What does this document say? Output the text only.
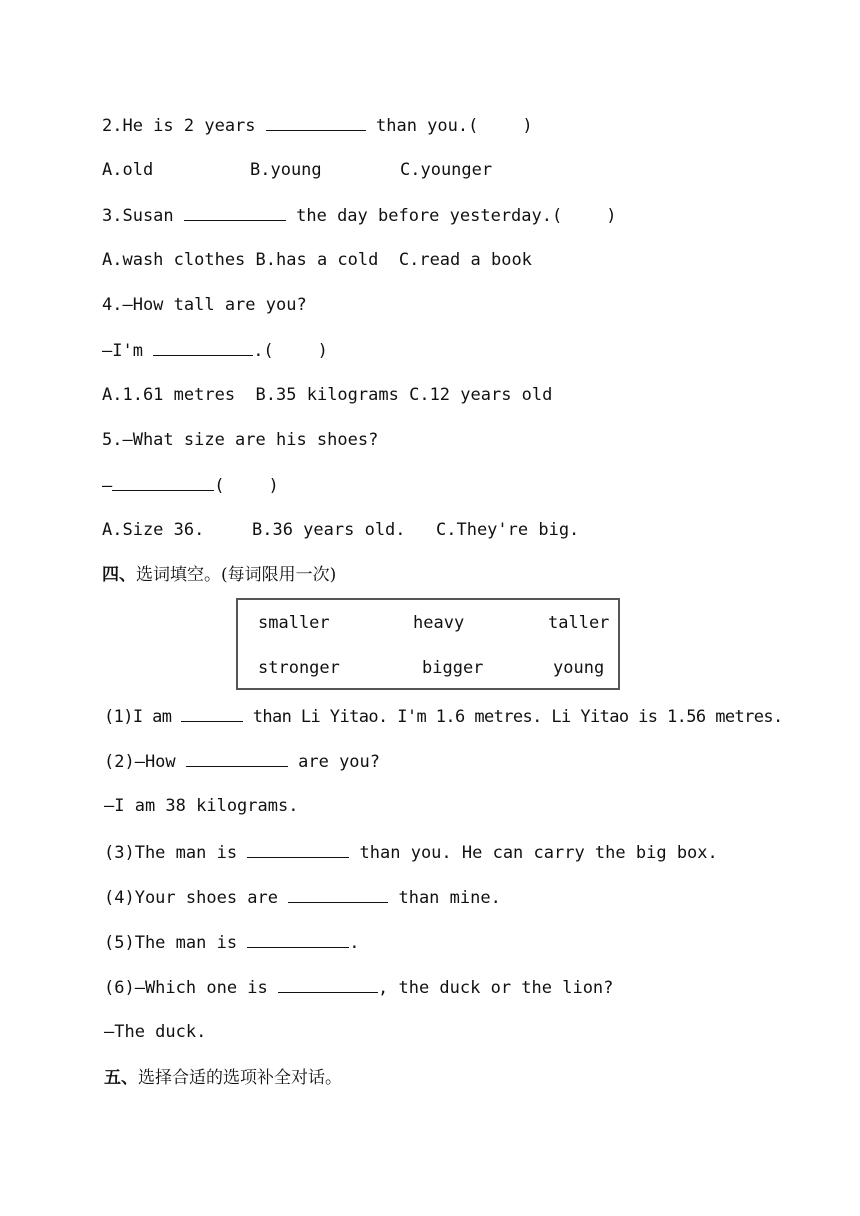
2.He is 2 years	than you.(	)
A.old	B.young	C.younger
3.Susan	the day before yesterday.(	)
A.wash clothes B.has a cold C.read a book
4.—How tall are you?
—I'm	.(	)
A.1.61 metres B.35 kilograms C.12 years old
5.—What size are his shoes?
—	(	)
A.Size 36.	B.36 years old. C.They're big.
四、选词填空。(每词限用一次)
smaller	heavy	taller
stronger	bigger	young
(1)I am	than Li Yitao. I'm 1.6 metres. Li Yitao is 1.56 metres.
(2)—How	are you?
—I am 38 kilograms.
(3)The man is	than you. He can carry the big box.
(4)Your shoes are	than mine.
(5)The man is	.
(6)—Which one is	, the duck or the lion?
—The duck.
五、选择合适的选项补全对话。
